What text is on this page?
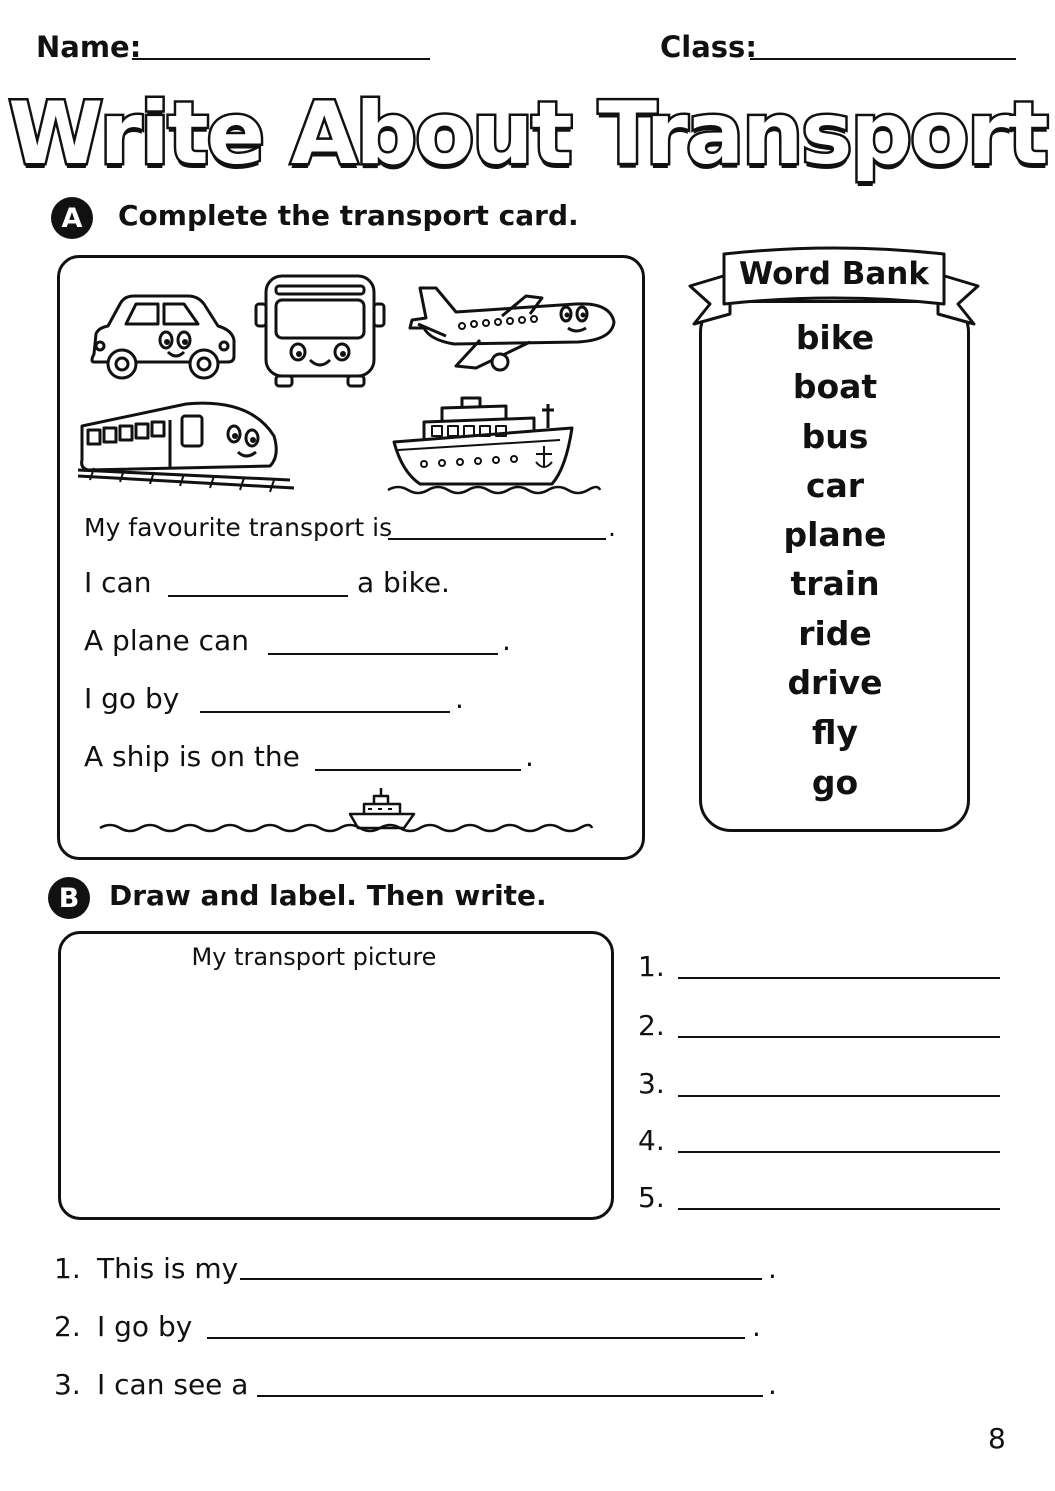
Name:	Class:
Write About Transport
A	Complete the transport card.
My favourite transport is	.
I can	a bike.
A plane can	.
I go by	.
A ship is on the	.
Word Bank
bike
boat
bus
car
plane
train
ride
drive
fly
go
B	Draw and label. Then write.
My transport picture	1.
2.
3.
4.
5.
1. This is my	.
2. I go by	.
3. I can see a	.
8
